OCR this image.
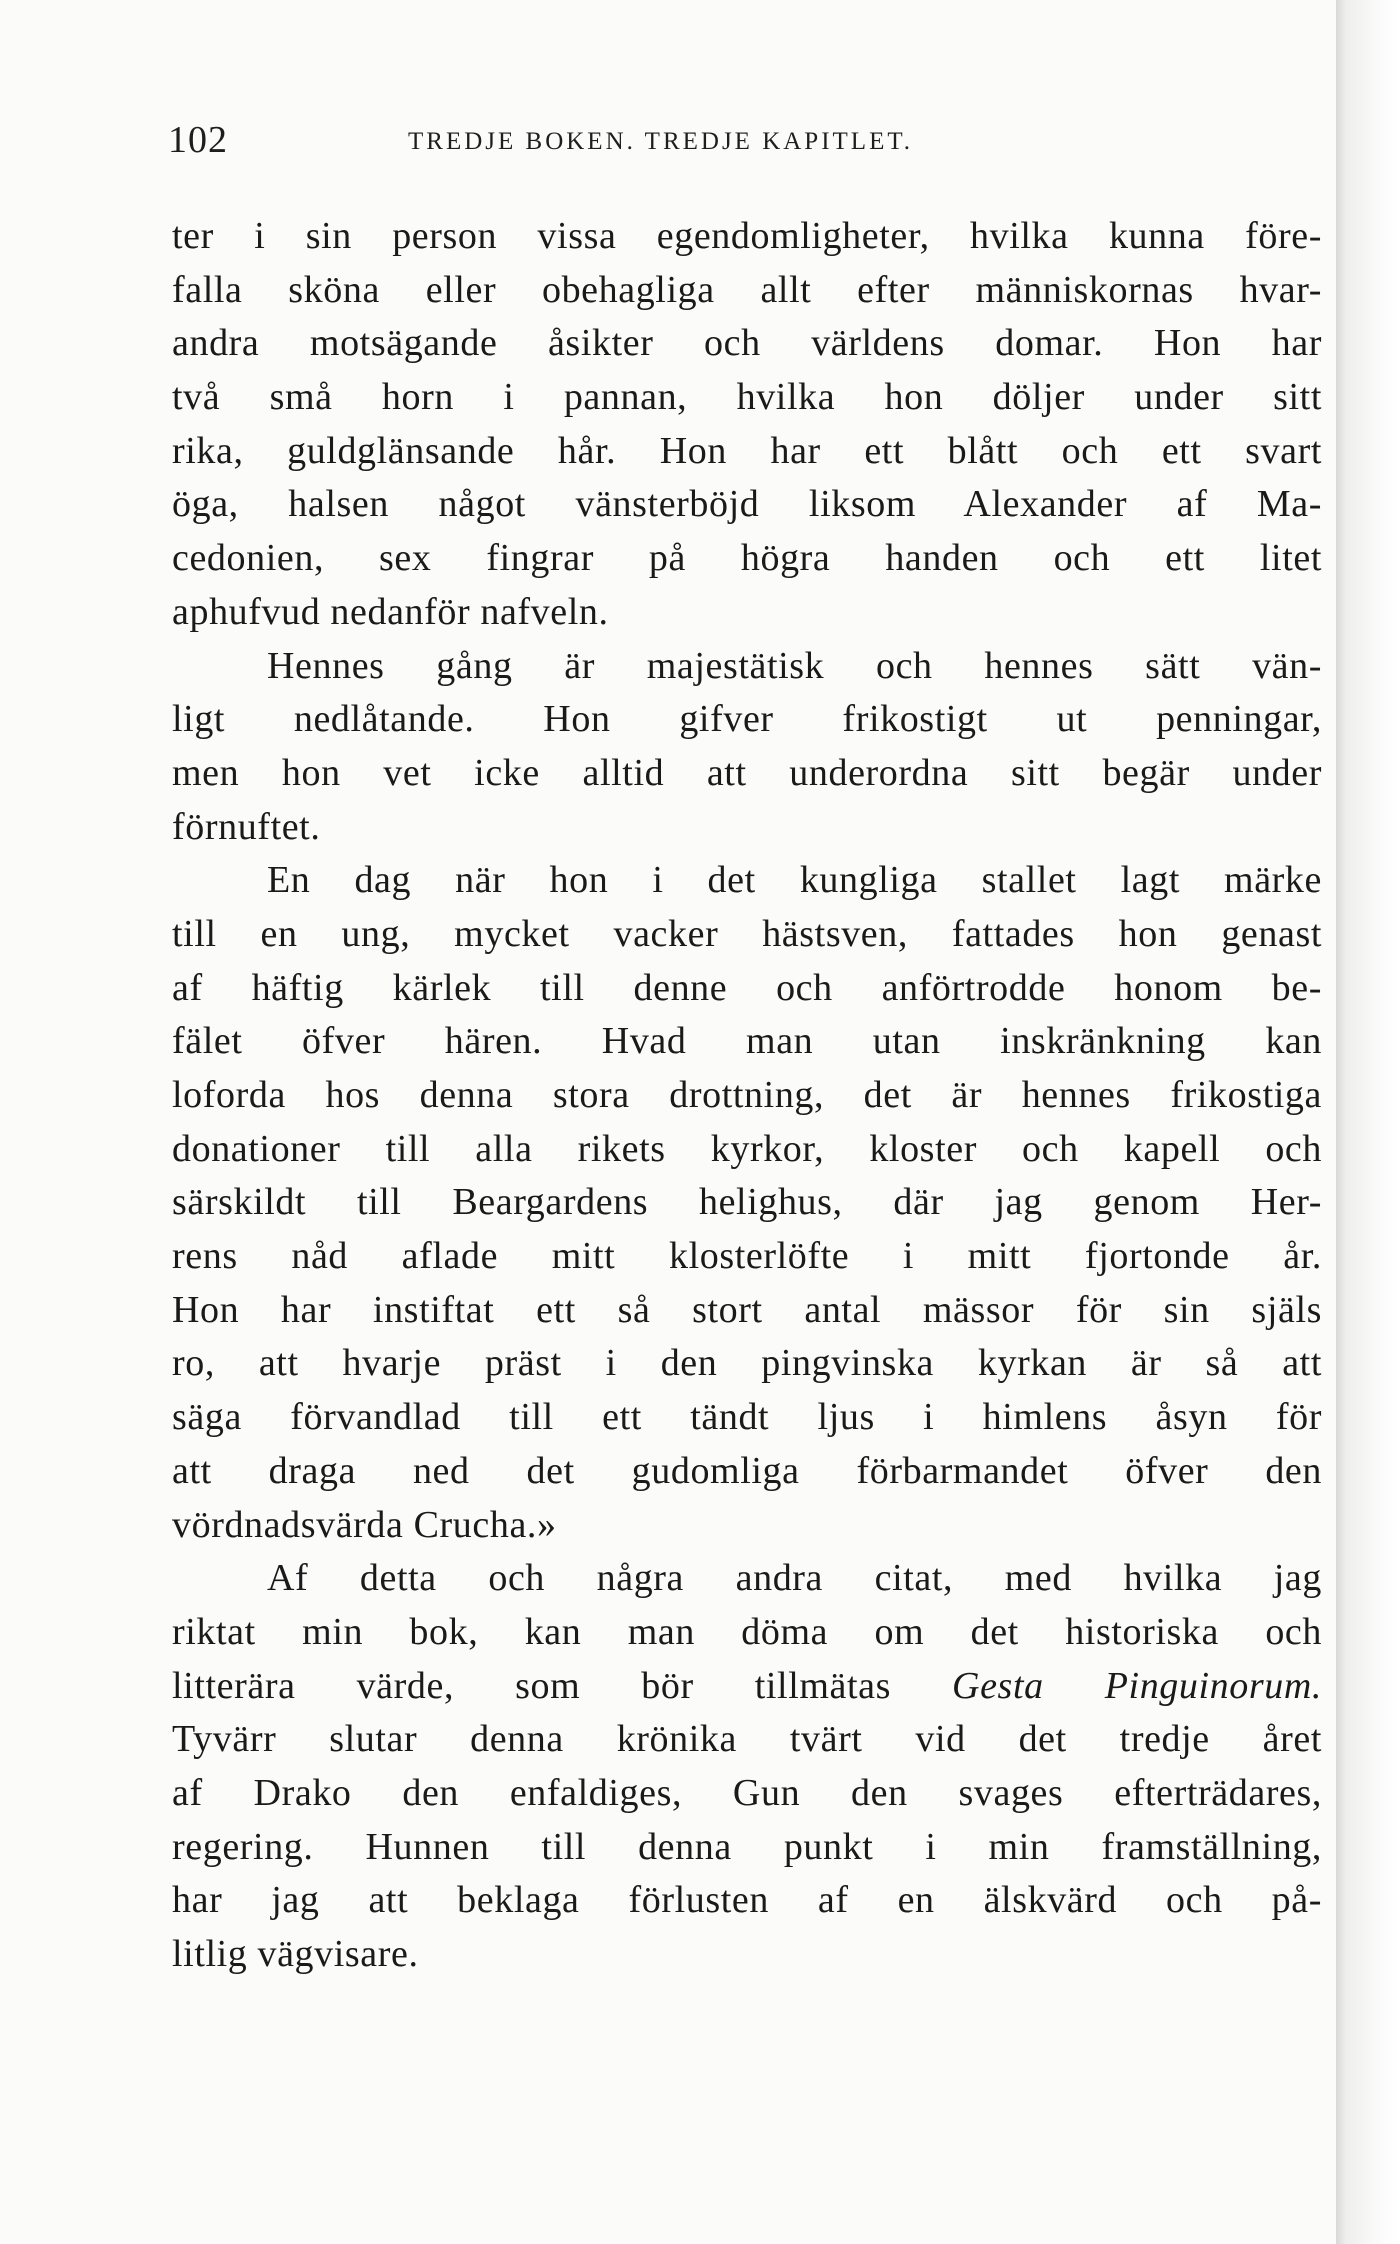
102	TREDJE BOKEN. TREDJE KAPITLET.
ter i sin person vissa egendomligheter, hvilka kunna före-
falla sköna eller obehagliga allt efter människornas hvar-
andra motsägande åsikter och världens domar. Hon har
två små horn i pannan, hvilka hon döljer under sitt
rika, guldglänsande hår. Hon har ett blått och ett svart
öga, halsen något vänsterböjd liksom Alexander af Ma-
cedonien, sex fingrar på högra handen och ett litet
aphufvud nedanför nafveln.
Hennes gång är majestätisk och hennes sätt vän-
ligt nedlåtande. Hon gifver frikostigt ut penningar,
men hon vet icke alltid att underordna sitt begär under
förnuftet.
En dag när hon i det kungliga stallet lagt märke
till en ung, mycket vacker hästsven, fattades hon genast
af häftig kärlek till denne och anförtrodde honom be-
fälet öfver hären. Hvad man utan inskränkning kan
loforda hos denna stora drottning, det är hennes frikostiga
donationer till alla rikets kyrkor, kloster och kapell och
särskildt till Beargardens helighus, där jag genom Her-
rens nåd aflade mitt klosterlöfte i mitt fjortonde år.
Hon har instiftat ett så stort antal mässor för sin själs
ro, att hvarje präst i den pingvinska kyrkan är så att
säga förvandlad till ett tändt ljus i himlens åsyn för
att draga ned det gudomliga förbarmandet öfver den
vördnadsvärda Crucha.»
Af detta och några andra citat, med hvilka jag
riktat min bok, kan man döma om det historiska och
litterära värde, som bör tillmätas Gesta Pinguinorum.
Tyvärr slutar denna krönika tvärt vid det tredje året
af Drako den enfaldiges, Gun den svages efterträdares,
regering. Hunnen till denna punkt i min framställning,
har jag att beklaga förlusten af en älskvärd och på-
litlig vägvisare.
